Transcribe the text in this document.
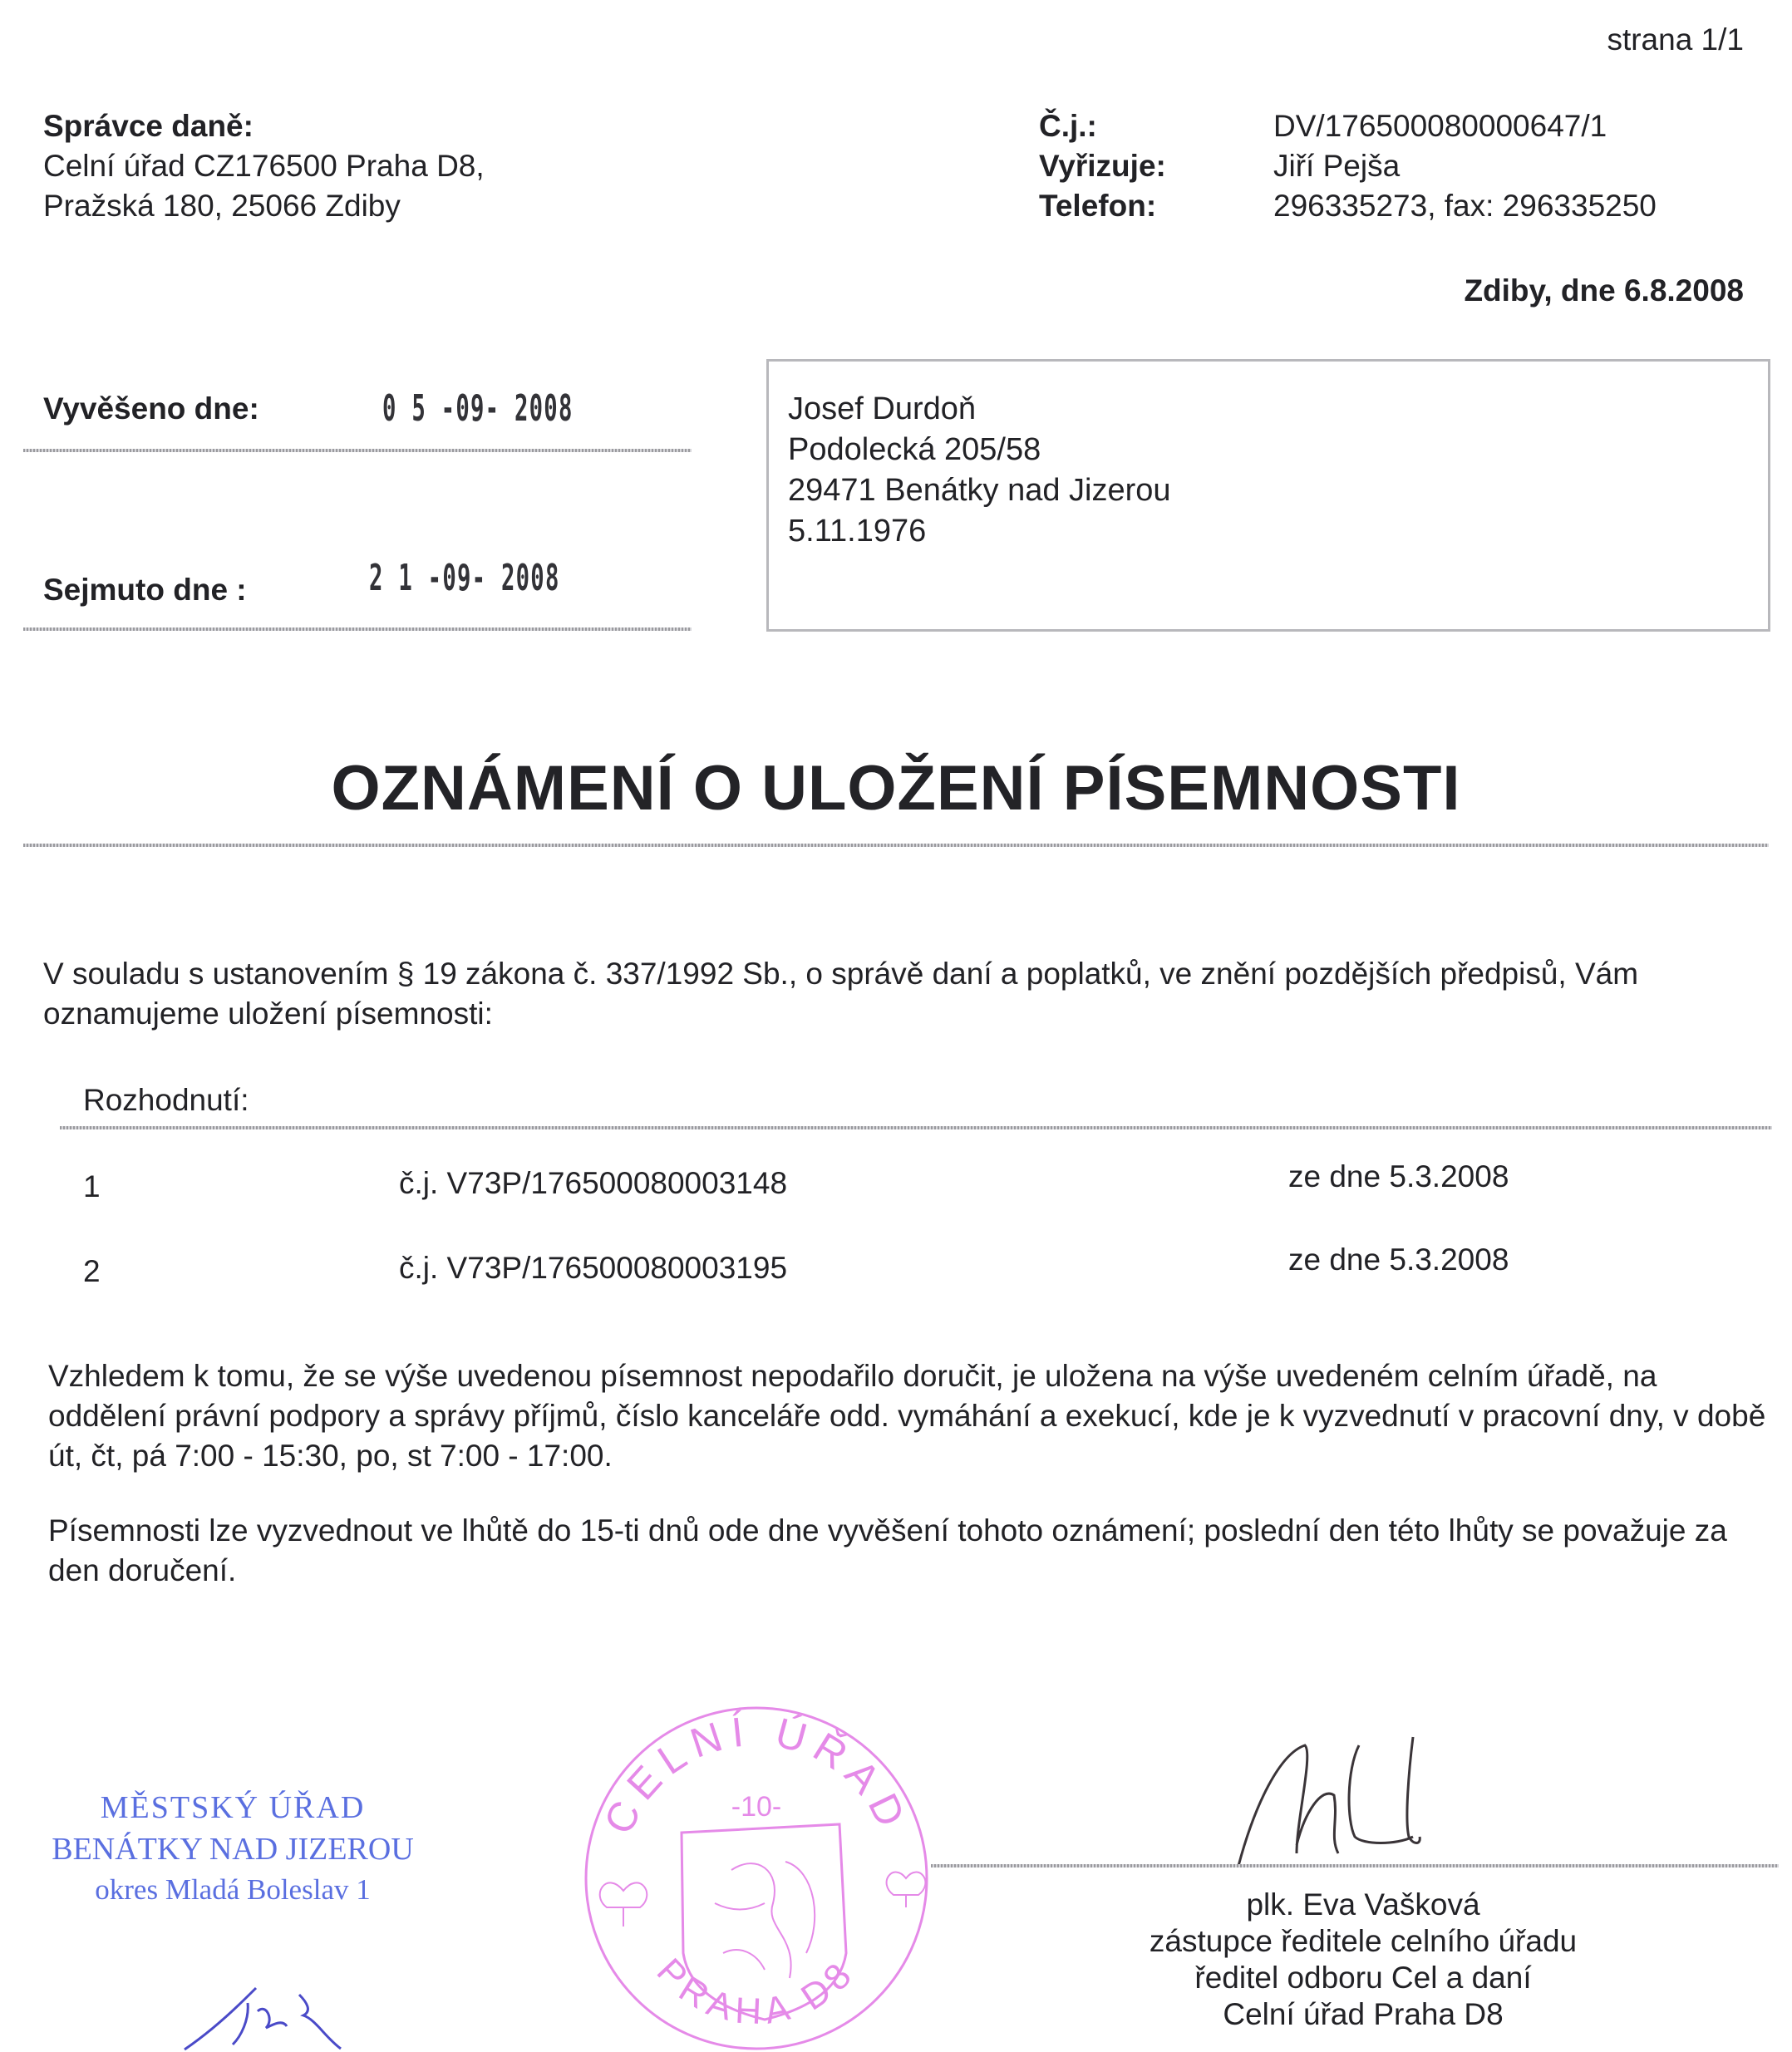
strana 1/1
Správce daně:
Celní úřad CZ176500 Praha D8,
Pražská 180, 25066 Zdiby
Č.j.:	DV/176500080000647/1
Vyřizuje:	Jiří Pejša
Telefon:	296335273, fax: 296335250
Zdiby, dne 6.8.2008
Vyvěšeno dne:	0 5 -09- 2008
Sejmuto dne :	2 1 -09- 2008
Josef Durdoň
Podolecká 205/58
29471 Benátky nad Jizerou
5.11.1976
OZNÁMENÍ O ULOŽENÍ PÍSEMNOSTI
V souladu s ustanovením § 19 zákona č. 337/1992 Sb., o správě daní a poplatků, ve znění pozdějších předpisů, Vám oznamujeme uložení písemnosti:
Rozhodnutí:
1	č.j. V73P/176500080003148	ze dne 5.3.2008
2	č.j. V73P/176500080003195	ze dne 5.3.2008
Vzhledem k tomu, že se výše uvedenou písemnost nepodařilo doručit, je uložena na výše uvedeném celním úřadě, na oddělení právní podpory a správy příjmů, číslo kanceláře odd. vymáhání a exekucí, kde je k vyzvednutí v pracovní dny, v době út, čt, pá 7:00 - 15:30, po, st 7:00 - 17:00.
Písemnosti lze vyzvednout ve lhůtě do 15-ti dnů ode dne vyvěšení tohoto oznámení; poslední den této lhůty se považuje za den doručení.
MĚSTSKÝ ÚŘAD
BENÁTKY NAD JIZEROU
okres Mladá Boleslav 1
CELNÍ ÚŘAD
-10-
PRAHA D8
plk. Eva Vašková
zástupce ředitele celního úřadu
ředitel odboru Cel a daní
Celní úřad Praha D8
